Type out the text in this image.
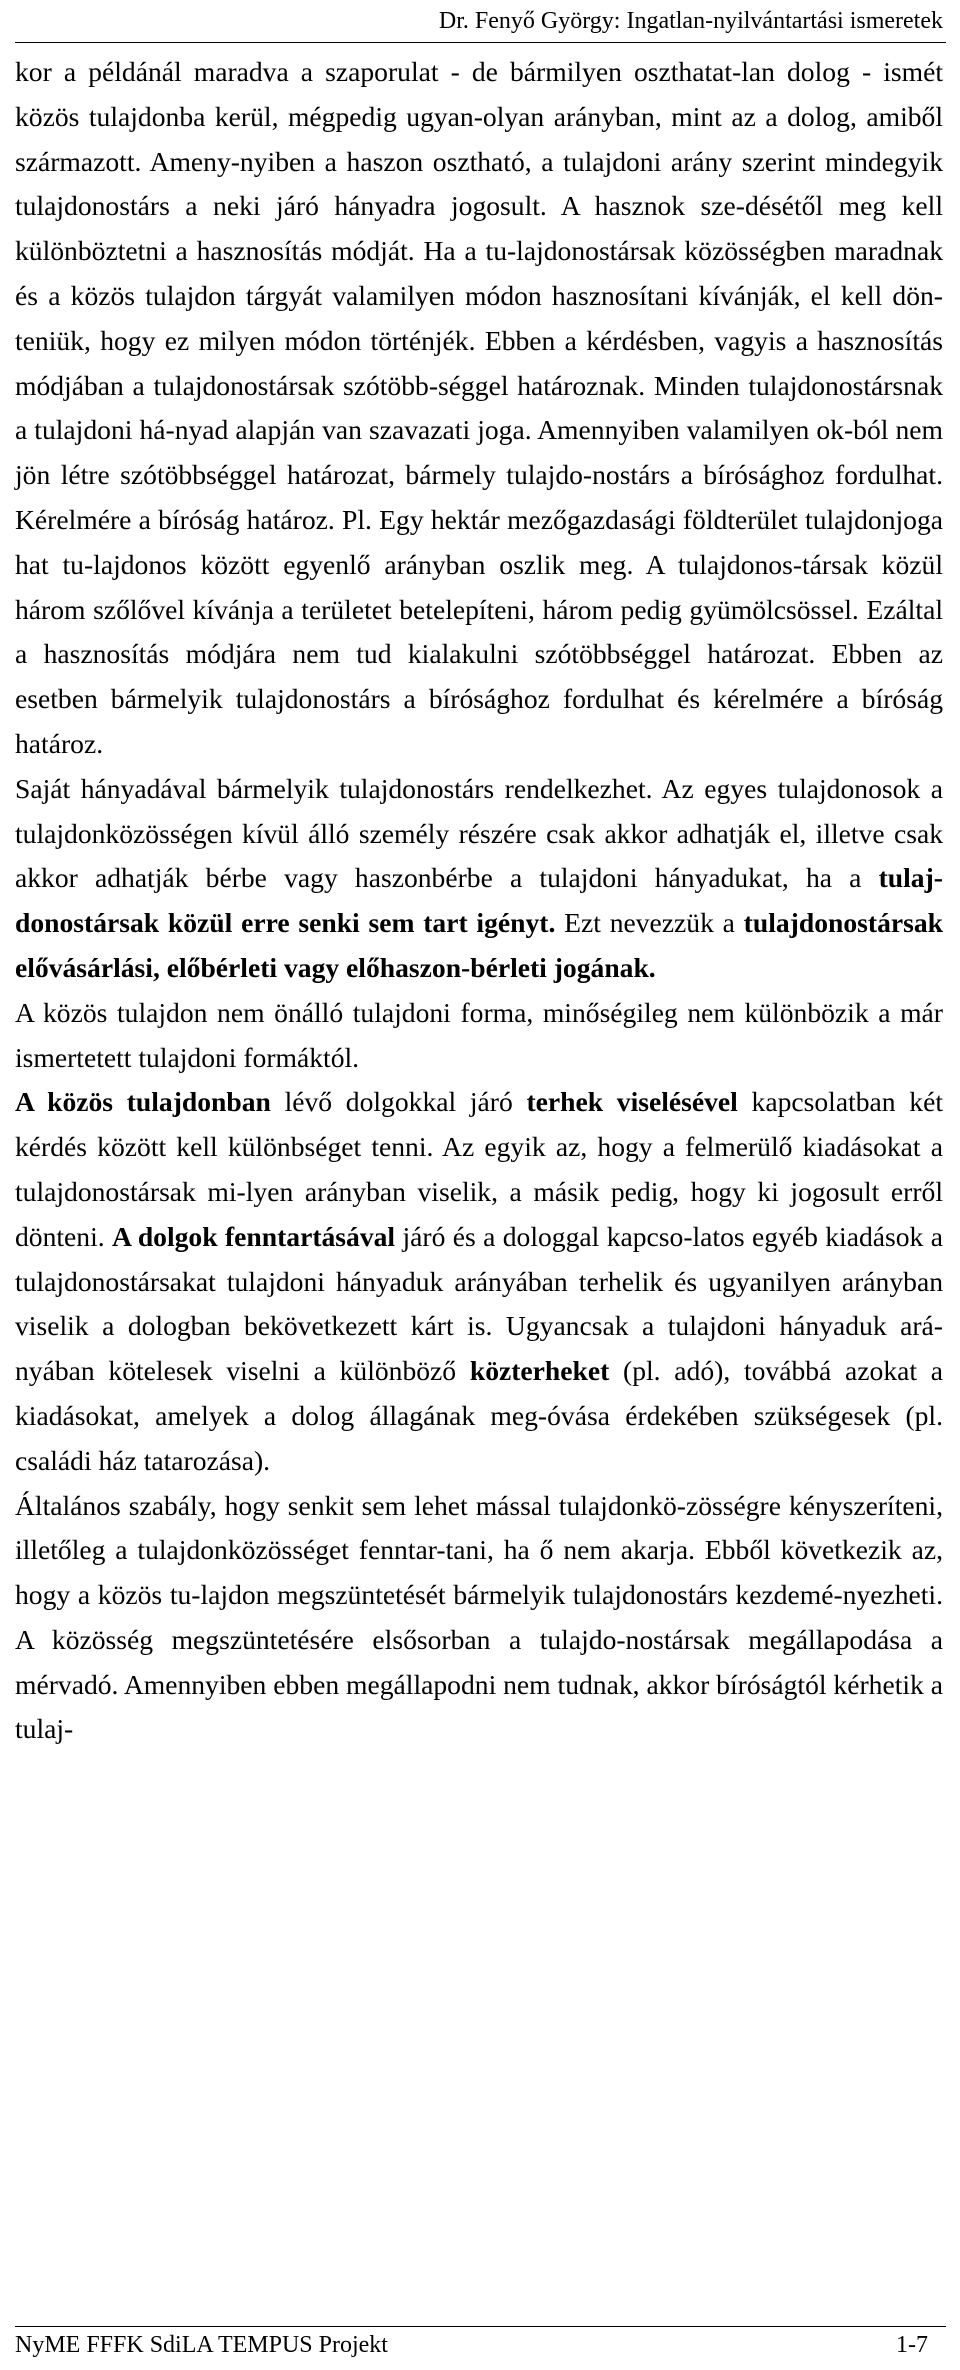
Dr. Fenyő György: Ingatlan-nyilvántartási ismeretek

kor a példánál maradva a szaporulat - de bármilyen oszthatat-lan dolog - ismét közös tulajdonba kerül, mégpedig ugyan-olyan arányban, mint az a dolog, amiből származott. Ameny-nyiben a haszon osztható, a tulajdoni arány szerint mindegyik tulajdonostárs a neki járó hányadra jogosult. A hasznok sze-désétől meg kell különböztetni a hasznosítás módját. Ha a tu-lajdonostársak közösségben maradnak és a közös tulajdon tárgyát valamilyen módon hasznosítani kívánják, el kell dön-teniük, hogy ez milyen módon történjék. Ebben a kérdésben, vagyis a hasznosítás módjában a tulajdonostársak szótöbb-séggel határoznak. Minden tulajdonostársnak a tulajdoni há-nyad alapján van szavazati joga. Amennyiben valamilyen ok-ból nem jön létre szótöbbséggel határozat, bármely tulajdo-nostárs a bírósághoz fordulhat. Kérelmére a bíróság határoz. Pl. Egy hektár mezőgazdasági földterület tulajdonjoga hat tu-lajdonos között egyenlő arányban oszlik meg. A tulajdonos-társak közül három szőlővel kívánja a területet betelepíteni, három pedig gyümölcsössel. Ezáltal a hasznosítás módjára nem tud kialakulni szótöbbséggel határozat. Ebben az esetben bármelyik tulajdonostárs a bírósághoz fordulhat és kérelmére a bíróság határoz.

Saját hányadával bármelyik tulajdonostárs rendelkezhet. Az egyes tulajdonosok a tulajdonközösségen kívül álló személy részére csak akkor adhatják el, illetve csak akkor adhatják bérbe vagy haszonbérbe a tulajdoni hányadukat, ha a tulaj-donostársak közül erre senki sem tart igényt. Ezt nevezzük a tulajdonostársak elővásárlási, előbérleti vagy előhaszon-bérleti jogának.

A közös tulajdon nem önálló tulajdoni forma, minőségileg nem különbözik a már ismertetett tulajdoni formáktól.

A közös tulajdonban lévő dolgokkal járó terhek viselésével kapcsolatban két kérdés között kell különbséget tenni. Az egyik az, hogy a felmerülő kiadásokat a tulajdonostársak mi-lyen arányban viselik, a másik pedig, hogy ki jogosult erről dönteni. A dolgok fenntartásával járó és a dologgal kapcso-latos egyéb kiadások a tulajdonostársakat tulajdoni hányaduk arányában terhelik és ugyanilyen arányban viselik a dologban bekövetkezett kárt is. Ugyancsak a tulajdoni hányaduk ará-nyában kötelesek viselni a különböző közterheket (pl. adó), továbbá azokat a kiadásokat, amelyek a dolog állagának meg-óvása érdekében szükségesek (pl. családi ház tatarozása).

Általános szabály, hogy senkit sem lehet mással tulajdonkö-zösségre kényszeríteni, illetőleg a tulajdonközösséget fenntar-tani, ha ő nem akarja. Ebből következik az, hogy a közös tu-lajdon megszüntetését bármelyik tulajdonostárs kezdemé-nyezheti. A közösség megszüntetésére elsősorban a tulajdo-nostársak megállapodása a mérvadó. Amennyiben ebben megállapodni nem tudnak, akkor bíróságtól kérhetik a tulaj-

NyME FFFK SdiLA TEMPUS Projekt	1-7
